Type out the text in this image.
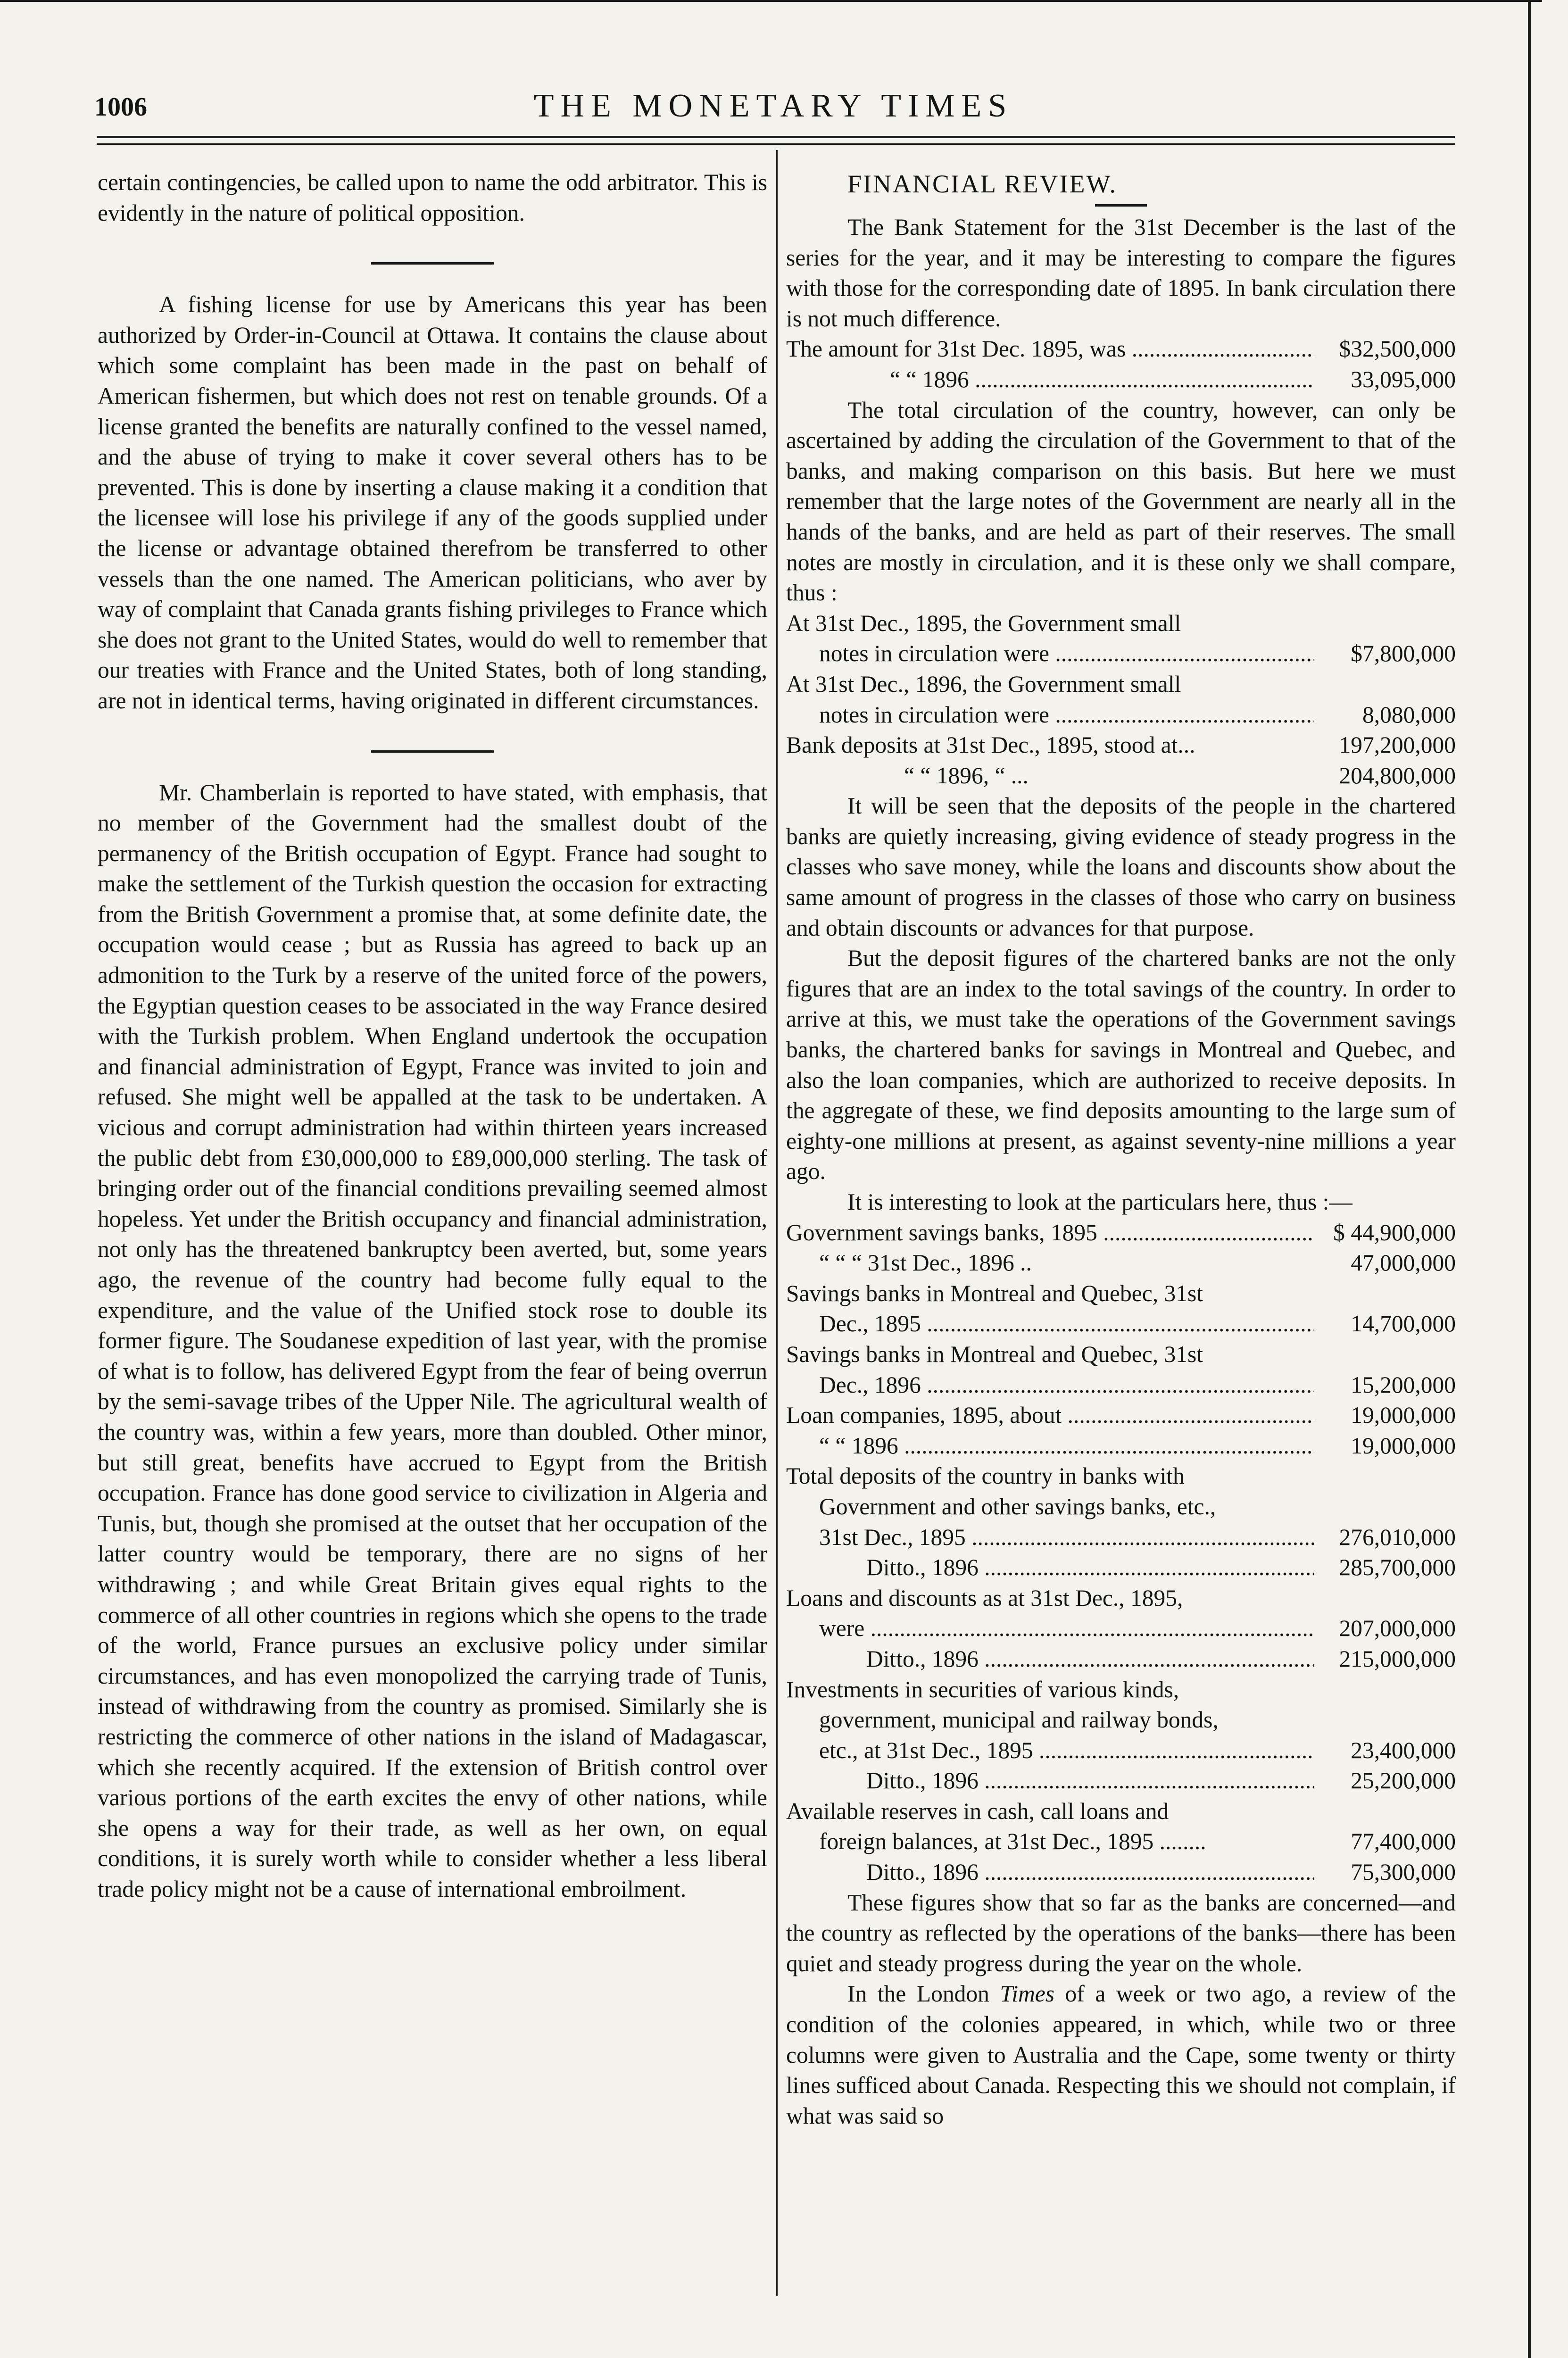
1006	THE MONETARY TIMES

certain contingencies, be called upon to name the odd arbitrator. This is evidently in the nature of political opposition.

A fishing license for use by Americans this year has been authorized by Order-in-Council at Ottawa. It contains the clause about which some complaint has been made in the past on behalf of American fishermen, but which does not rest on tenable grounds. Of a license granted the benefits are naturally confined to the vessel named, and the abuse of trying to make it cover several others has to be prevented. This is done by inserting a clause making it a condition that the licensee will lose his privilege if any of the goods supplied under the license or advantage obtained therefrom be transferred to other vessels than the one named. The American politicians, who aver by way of complaint that Canada grants fishing privileges to France which she does not grant to the United States, would do well to remember that our treaties with France and the United States, both of long standing, are not in identical terms, having originated in different circumstances.

Mr. Chamberlain is reported to have stated, with emphasis, that no member of the Government had the smallest doubt of the permanency of the British occupation of Egypt. France had sought to make the settlement of the Turkish question the occasion for extracting from the British Government a promise that, at some definite date, the occupation would cease ; but as Russia has agreed to back up an admonition to the Turk by a reserve of the united force of the powers, the Egyptian question ceases to be associated in the way France desired with the Turkish problem. When England undertook the occupation and financial administration of Egypt, France was invited to join and refused. She might well be appalled at the task to be undertaken. A vicious and corrupt administration had within thirteen years increased the public debt from £30,000,000 to £89,000,000 sterling. The task of bringing order out of the financial conditions prevailing seemed almost hopeless. Yet under the British occupancy and financial administration, not only has the threatened bankruptcy been averted, but, some years ago, the revenue of the country had become fully equal to the expenditure, and the value of the Unified stock rose to double its former figure. The Soudanese expedition of last year, with the promise of what is to follow, has delivered Egypt from the fear of being overrun by the semi-savage tribes of the Upper Nile. The agricultural wealth of the country was, within a few years, more than doubled. Other minor, but still great, benefits have accrued to Egypt from the British occupation. France has done good service to civilization in Algeria and Tunis, but, though she promised at the outset that her occupation of the latter country would be temporary, there are no signs of her withdrawing ; and while Great Britain gives equal rights to the commerce of all other countries in regions which she opens to the trade of the world, France pursues an exclusive policy under similar circumstances, and has even monopolized the carrying trade of Tunis, instead of withdrawing from the country as promised. Similarly she is restricting the commerce of other nations in the island of Madagascar, which she recently acquired. If the extension of British control over various portions of the earth excites the envy of other nations, while she opens a way for their trade, as well as her own, on equal conditions, it is surely worth while to consider whether a less liberal trade policy might not be a cause of international embroilment.

FINANCIAL REVIEW.

The Bank Statement for the 31st December is the last of the series for the year, and it may be interesting to compare the figures with those for the corresponding date of 1895. In bank circulation there is not much difference.

The amount for 31st Dec. 1895, was .....	$32,500,000
“ “ 1896 .....	33,095,000

The total circulation of the country, however, can only be ascertained by adding the circulation of the Government to that of the banks, and making comparison on this basis. But here we must remember that the large notes of the Government are nearly all in the hands of the banks, and are held as part of their reserves. The small notes are mostly in circulation, and it is these only we shall compare, thus :

At 31st Dec., 1895, the Government small
notes in circulation were .....	$7,800,000
At 31st Dec., 1896, the Government small
notes in circulation were .....	8,080,000
Bank deposits at 31st Dec., 1895, stood at...	197,200,000
“ “ 1896, “ ...	204,800,000

It will be seen that the deposits of the people in the chartered banks are quietly increasing, giving evidence of steady progress in the classes who save money, while the loans and discounts show about the same amount of progress in the classes of those who carry on business and obtain discounts or advances for that purpose.

But the deposit figures of the chartered banks are not the only figures that are an index to the total savings of the country. In order to arrive at this, we must take the operations of the Government savings banks, the chartered banks for savings in Montreal and Quebec, and also the loan companies, which are authorized to receive deposits. In the aggregate of these, we find deposits amounting to the large sum of eighty-one millions at present, as against seventy-nine millions a year ago.

It is interesting to look at the particulars here, thus :—

Government savings banks, 1895 .....	$ 44,900,000
“ “ “ 31st Dec., 1896 ..	47,000,000
Savings banks in Montreal and Quebec, 31st
Dec., 1895 .....	14,700,000
Savings banks in Montreal and Quebec, 31st
Dec., 1896 .....	15,200,000
Loan companies, 1895, about .....	19,000,000
“ “ 1896 .....	19,000,000
Total deposits of the country in banks with
Government and other savings banks, etc.,
31st Dec., 1895 .....	276,010,000
Ditto., 1896 .....	285,700,000
Loans and discounts as at 31st Dec., 1895,
were .....	207,000,000
Ditto., 1896 .....	215,000,000
Investments in securities of various kinds,
government, municipal and railway bonds,
etc., at 31st Dec., 1895 .....	23,400,000
Ditto., 1896 .....	25,200,000
Available reserves in cash, call loans and
foreign balances, at 31st Dec., 1895 ........	77,400,000
Ditto., 1896 .....	75,300,000

These figures show that so far as the banks are concerned—and the country as reflected by the operations of the banks—there has been quiet and steady progress during the year on the whole.

In the London Times of a week or two ago, a review of the condition of the colonies appeared, in which, while two or three columns were given to Australia and the Cape, some twenty or thirty lines sufficed about Canada. Respecting this we should not complain, if what was said so
